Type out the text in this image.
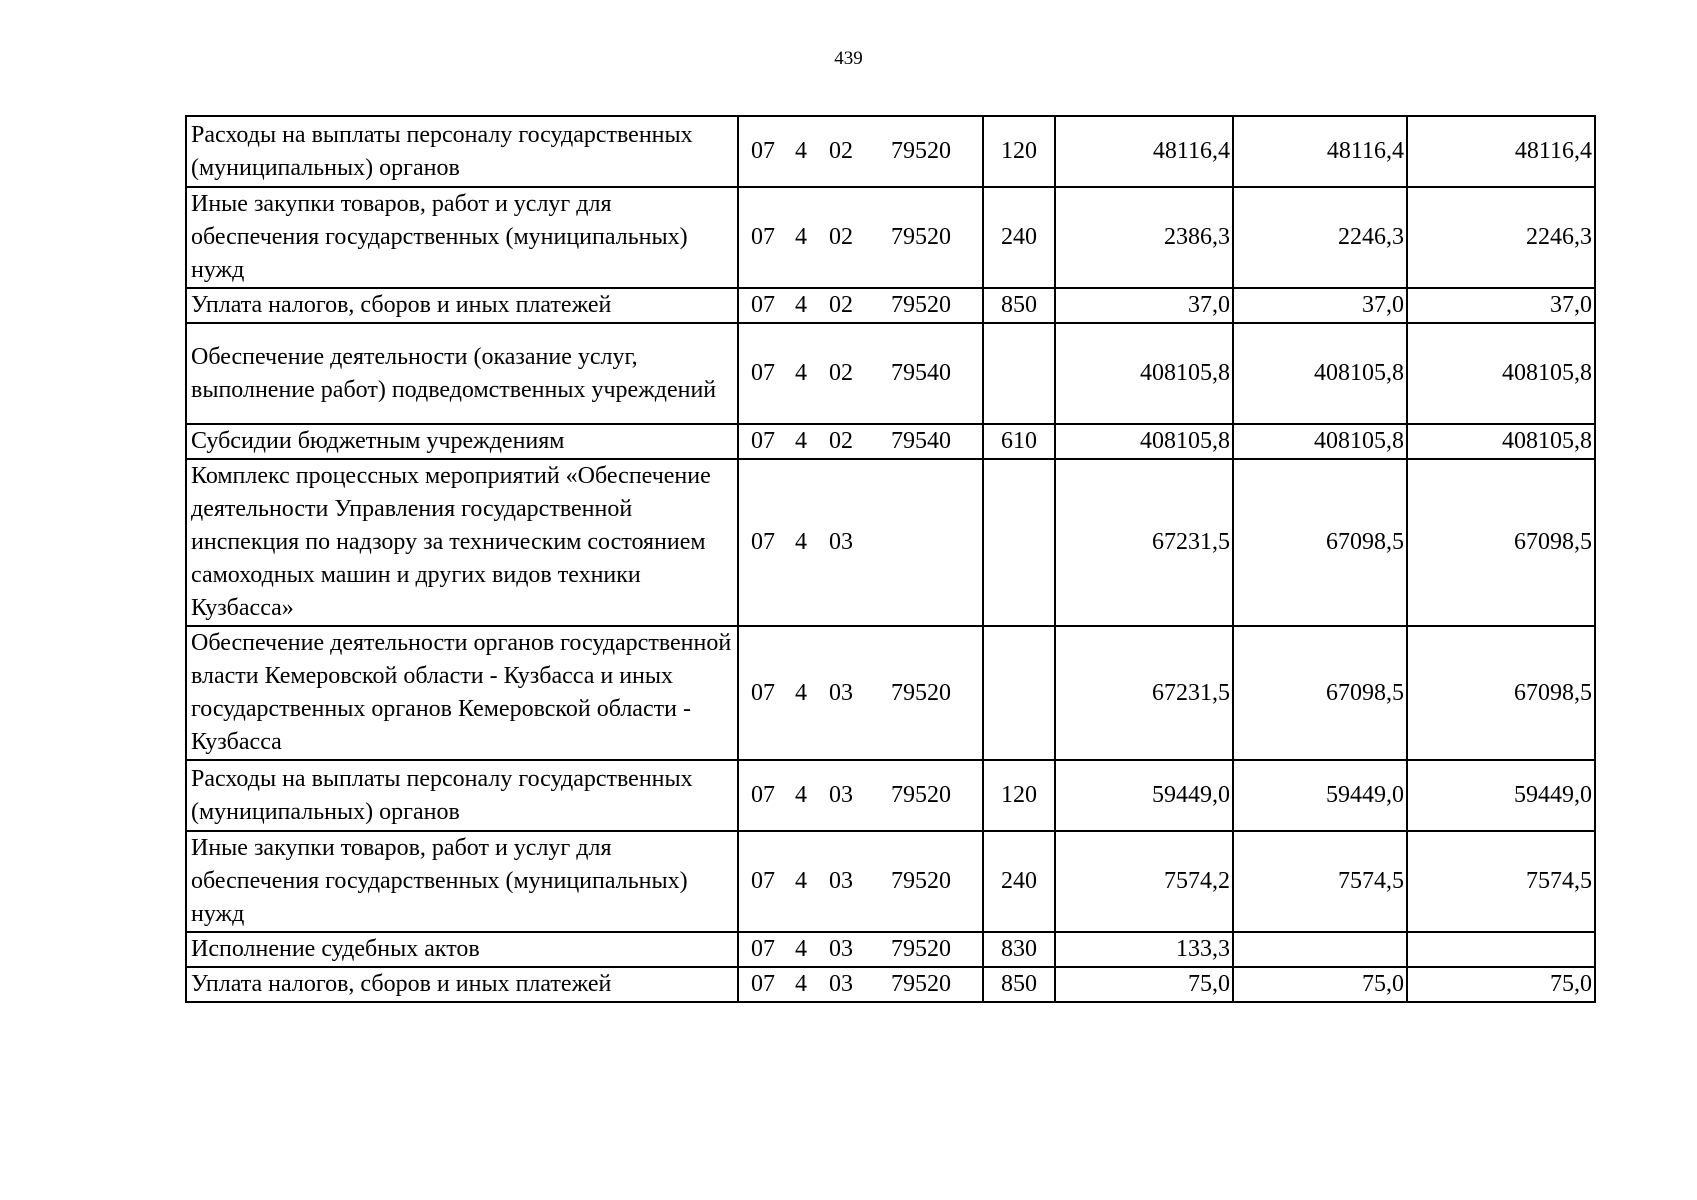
439
Расходы на выплаты персоналу государственных (муниципальных) органов	07 4 02 79520	120	48116,4	48116,4	48116,4
Иные закупки товаров, работ и услуг для обеспечения государственных (муниципальных) нужд	07 4 02 79520	240	2386,3	2246,3	2246,3
Уплата налогов, сборов и иных платежей	07 4 02 79520	850	37,0	37,0	37,0
Обеспечение деятельности (оказание услуг, выполнение работ) подведомственных учреждений	07 4 02 79540		408105,8	408105,8	408105,8
Субсидии бюджетным учреждениям	07 4 02 79540	610	408105,8	408105,8	408105,8
Комплекс процессных мероприятий «Обеспечение деятельности Управления государственной инспекция по надзору за техническим состоянием самоходных машин и других видов техники Кузбасса»	07 4 03		67231,5	67098,5	67098,5
Обеспечение деятельности органов государственной власти Кемеровской области - Кузбасса и иных государственных органов Кемеровской области - Кузбасса	07 4 03 79520		67231,5	67098,5	67098,5
Расходы на выплаты персоналу государственных (муниципальных) органов	07 4 03 79520	120	59449,0	59449,0	59449,0
Иные закупки товаров, работ и услуг для обеспечения государственных (муниципальных) нужд	07 4 03 79520	240	7574,2	7574,5	7574,5
Исполнение судебных актов	07 4 03 79520	830	133,3		
Уплата налогов, сборов и иных платежей	07 4 03 79520	850	75,0	75,0	75,0
